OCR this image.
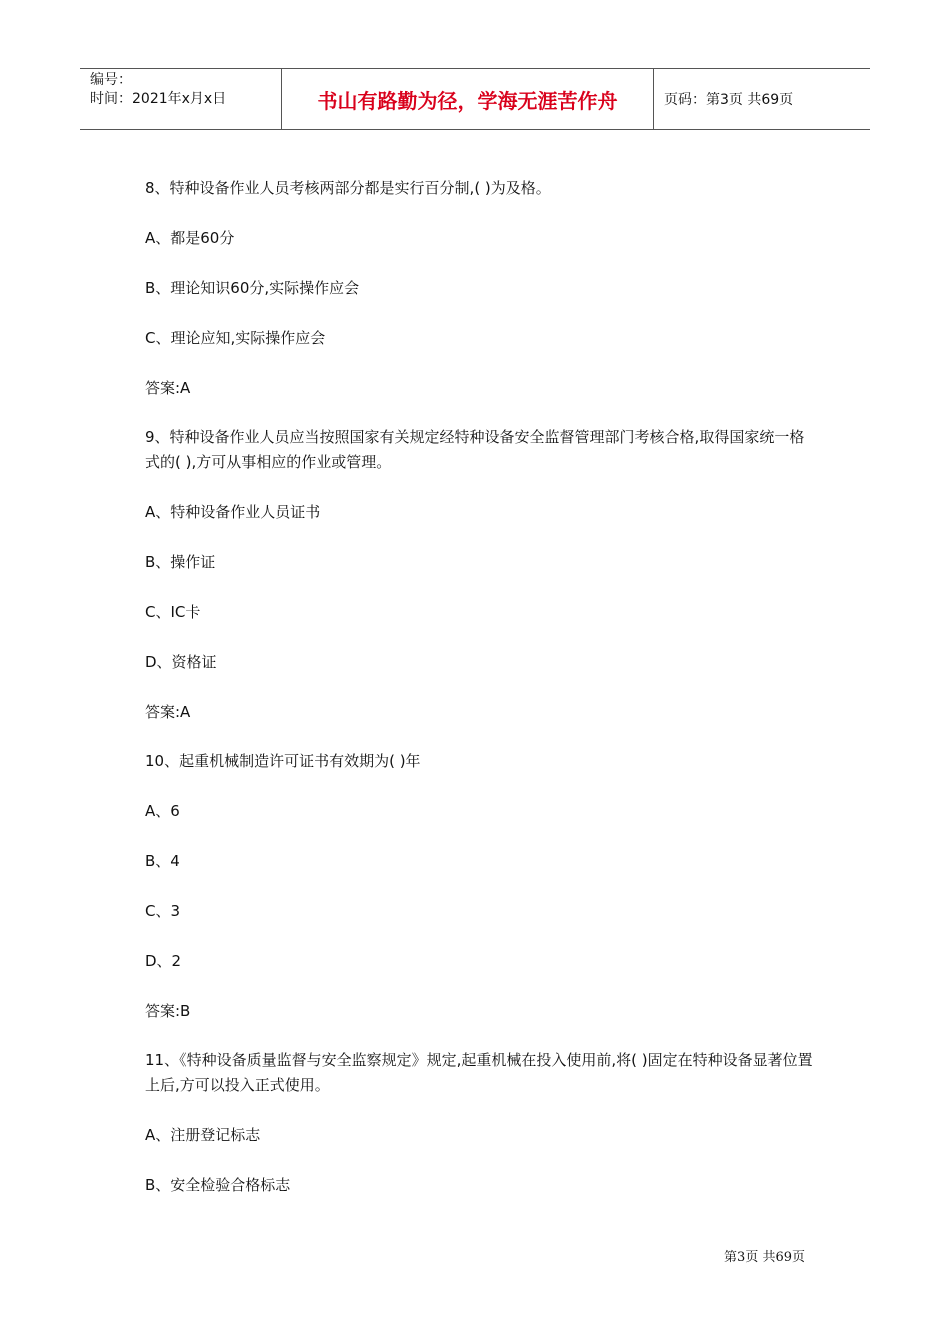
编号：
时间：2021年x月x日	书山有路勤为径，学海无涯苦作舟	页码：第3页 共69页

8、特种设备作业人员考核两部分都是实行百分制,( )为及格。

A、都是60分

B、理论知识60分,实际操作应会

C、理论应知,实际操作应会

答案:A

9、特种设备作业人员应当按照国家有关规定经特种设备安全监督管理部门考核合格,取得国家统一格式的( ),方可从事相应的作业或管理。

A、特种设备作业人员证书

B、操作证

C、IC卡

D、资格证

答案:A

10、起重机械制造许可证书有效期为( )年

A、6

B、4

C、3

D、2

答案:B

11、《特种设备质量监督与安全监察规定》规定,起重机械在投入使用前,将( )固定在特种设备显著位置上后,方可以投入正式使用。

A、注册登记标志

B、安全检验合格标志

第3页 共69页
